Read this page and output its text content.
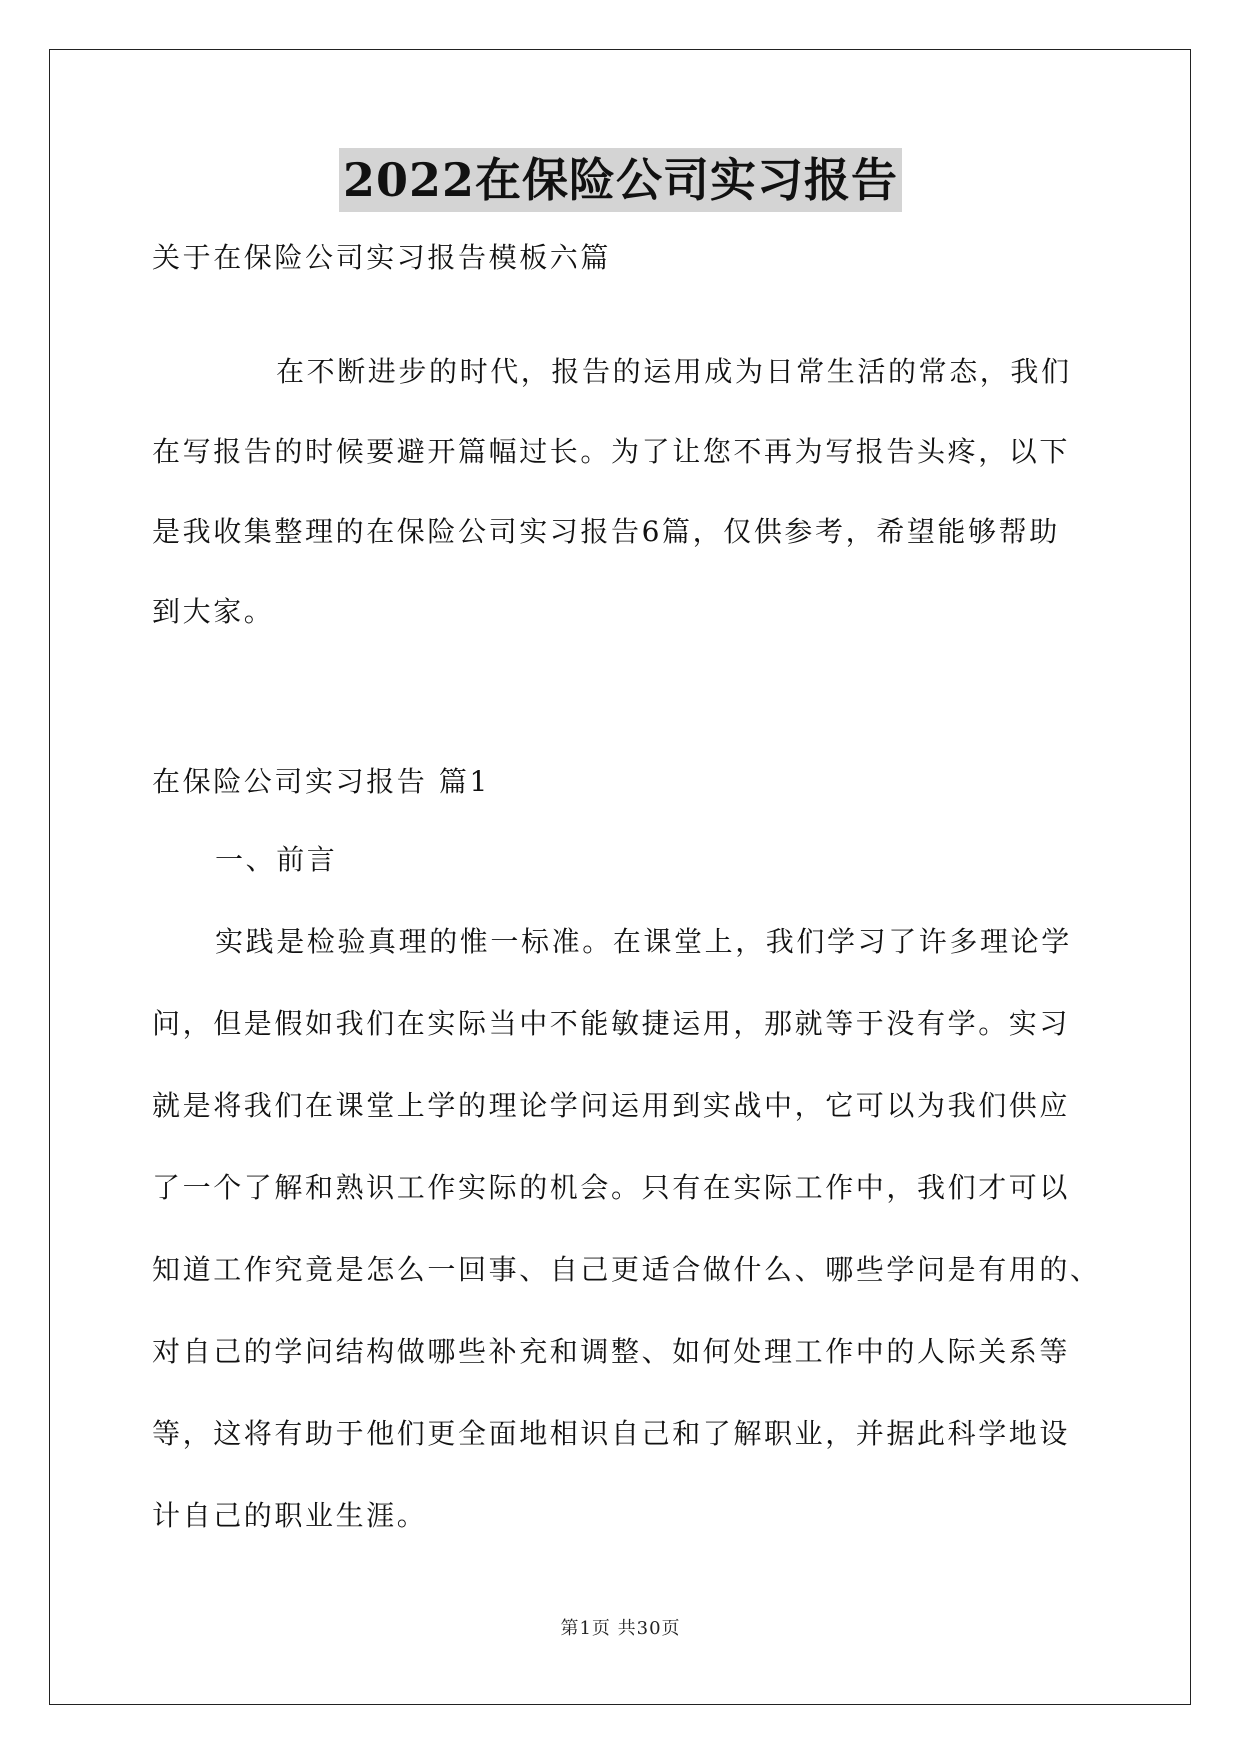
2022在保险公司实习报告
关于在保险公司实习报告模板六篇
在不断进步的时代，报告的运用成为日常生活的常态，我们
在写报告的时候要避开篇幅过长。为了让您不再为写报告头疼，以下
是我收集整理的在保险公司实习报告6篇，仅供参考，希望能够帮助
到大家。
在保险公司实习报告 篇1
一、前言
实践是检验真理的惟一标准。在课堂上，我们学习了许多理论学
问，但是假如我们在实际当中不能敏捷运用，那就等于没有学。实习
就是将我们在课堂上学的理论学问运用到实战中，它可以为我们供应
了一个了解和熟识工作实际的机会。只有在实际工作中，我们才可以
知道工作究竟是怎么一回事、自己更适合做什么、哪些学问是有用的、
对自己的学问结构做哪些补充和调整、如何处理工作中的人际关系等
等，这将有助于他们更全面地相识自己和了解职业，并据此科学地设
计自己的职业生涯。
第1页 共30页
